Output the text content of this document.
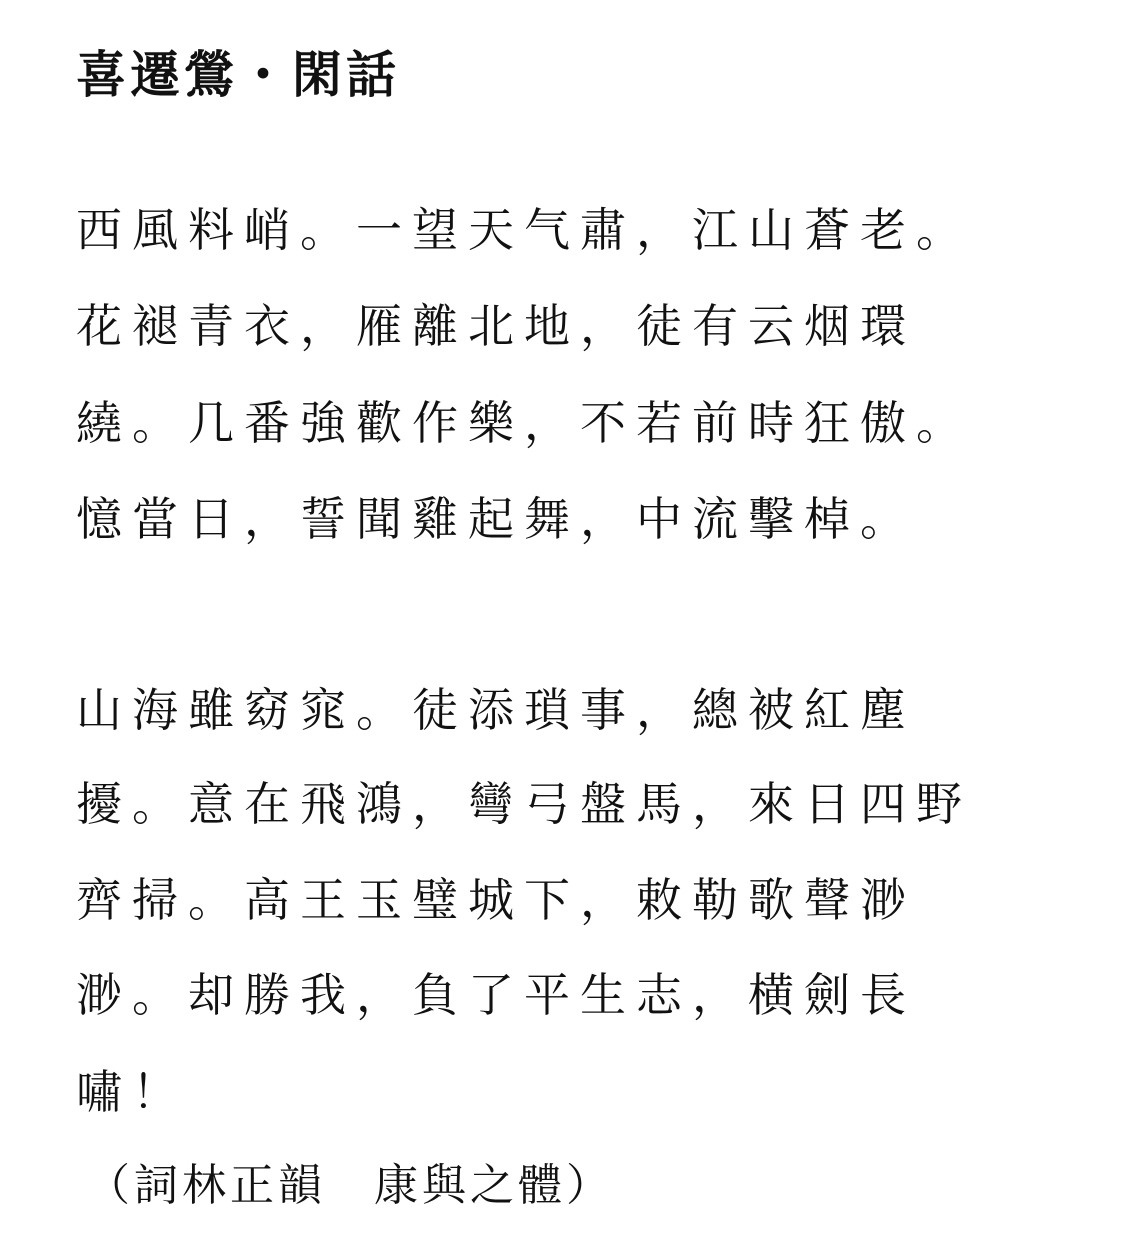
喜遷鶯・閑話
西風料峭。一望天气肅，江山蒼老。
花褪青衣，雁離北地，徒有云烟環
繞。几番強歡作樂，不若前時狂傲。
憶當日，誓聞雞起舞，中流擊棹。
山海雖窈窕。徒添瑣事，總被紅塵
擾。意在飛鴻，彎弓盤馬，來日四野
齊掃。高王玉璧城下，敕勒歌聲渺
渺。却勝我，負了平生志，横劍長
嘯！
（詞林正韻　康與之體）
